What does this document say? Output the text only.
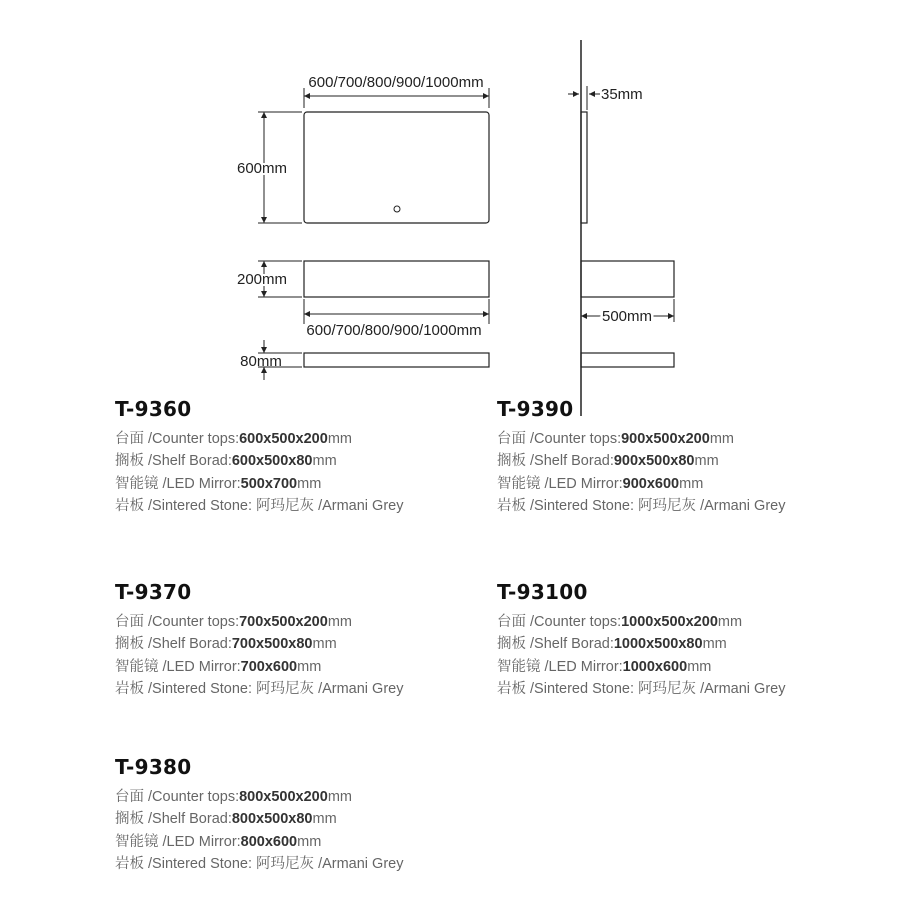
600/700/800/900/1000mm
600mm
200mm
600/700/800/900/1000mm
80mm
35mm
500mm
T-9360
台面 /Counter tops:600x500x200mm
搁板 /Shelf Borad:600x500x80mm
智能镜 /LED Mirror:500x700mm
岩板 /Sintered Stone: 阿玛尼灰 /Armani Grey
T-9390
台面 /Counter tops:900x500x200mm
搁板 /Shelf Borad:900x500x80mm
智能镜 /LED Mirror:900x600mm
岩板 /Sintered Stone: 阿玛尼灰 /Armani Grey
T-9370
台面 /Counter tops:700x500x200mm
搁板 /Shelf Borad:700x500x80mm
智能镜 /LED Mirror:700x600mm
岩板 /Sintered Stone: 阿玛尼灰 /Armani Grey
T-93100
台面 /Counter tops:1000x500x200mm
搁板 /Shelf Borad:1000x500x80mm
智能镜 /LED Mirror:1000x600mm
岩板 /Sintered Stone: 阿玛尼灰 /Armani Grey
T-9380
台面 /Counter tops:800x500x200mm
搁板 /Shelf Borad:800x500x80mm
智能镜 /LED Mirror:800x600mm
岩板 /Sintered Stone: 阿玛尼灰 /Armani Grey
